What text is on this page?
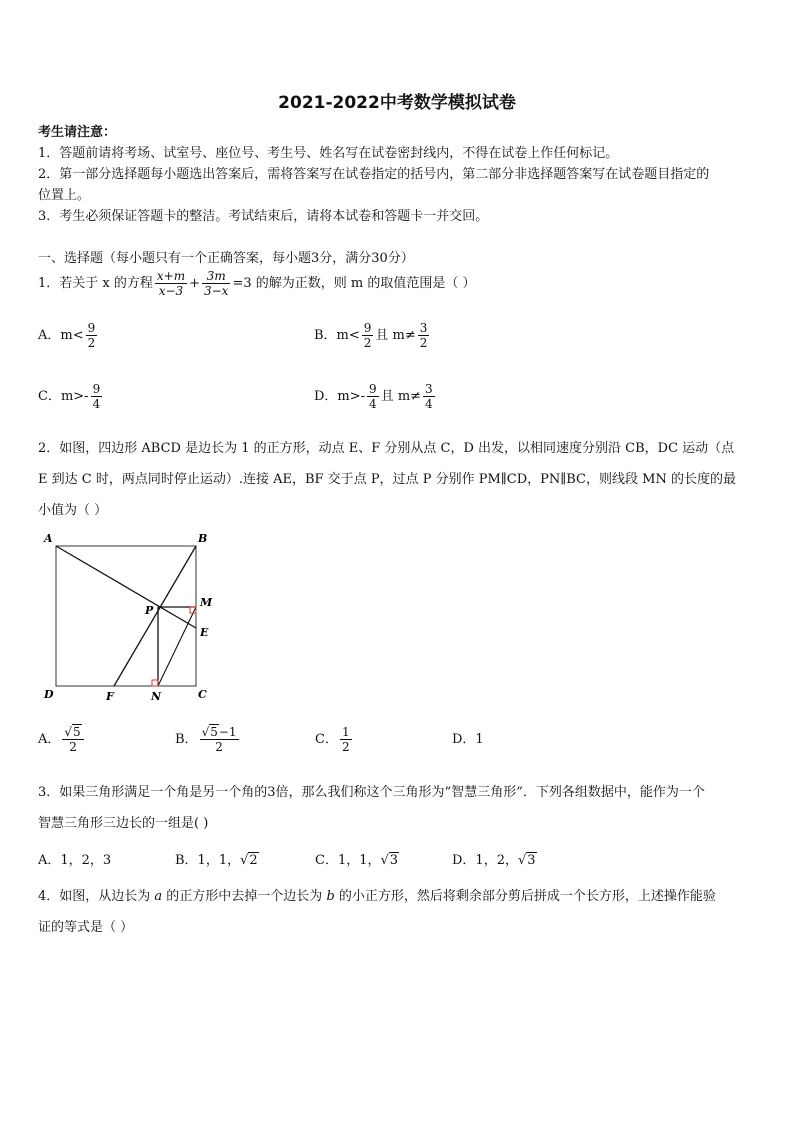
2021-2022中考数学模拟试卷
考生请注意：
1．答题前请将考场、试室号、座位号、考生号、姓名写在试卷密封线内，不得在试卷上作任何标记。
2．第一部分选择题每小题选出答案后，需将答案写在试卷指定的括号内，第二部分非选择题答案写在试卷题目指定的
位置上。
3．考生必须保证答题卡的整洁。考试结束后，请将本试卷和答题卡一并交回。
一、选择题（每小题只有一个正确答案，每小题3分，满分30分）
1．若关于 x 的方程 $\frac{x+m}{x-3} + \frac{3m}{3-x} =3$ 的解为正数，则 m 的取值范围是（ ）
A．$m< \frac{9}{2}$	B．$m< \frac{9}{2}$ 且 $m\ne \frac{3}{2}$
C．$m>- \frac{9}{4}$	D．$m>- \frac{9}{4}$ 且 $m\ne \frac{3}{4}$
2．如图，四边形 ABCD 是边长为 1 的正方形，动点 E、F 分别从点 C，D 出发，以相同速度分别沿 CB，DC 运动（点
E 到达 C 时，两点同时停止运动）.连接 AE，BF 交于点 P，过点 P 分别作 PM∥CD，PN∥BC，则线段 MN 的长度的最
小值为（ ）
A	B
C
D
E
F
M
N
P
A． $\frac{√5}{2}$	B． $\frac{√5-1}{2}$	C． $\frac{1}{2}$	D．1
3．如果三角形满足一个角是另一个角的3倍，那么我们称这个三角形为“智慧三角形”．下列各组数据中，能作为一个
智慧三角形三边长的一组是( )
A．1，2，3	B．1，1，√2	C．1，1，√3	D．1，2，√3
4．如图，从边长为 a 的正方形中去掉一个边长为 b 的小正方形，然后将剩余部分剪后拼成一个长方形，上述操作能验
证的等式是（ ）
